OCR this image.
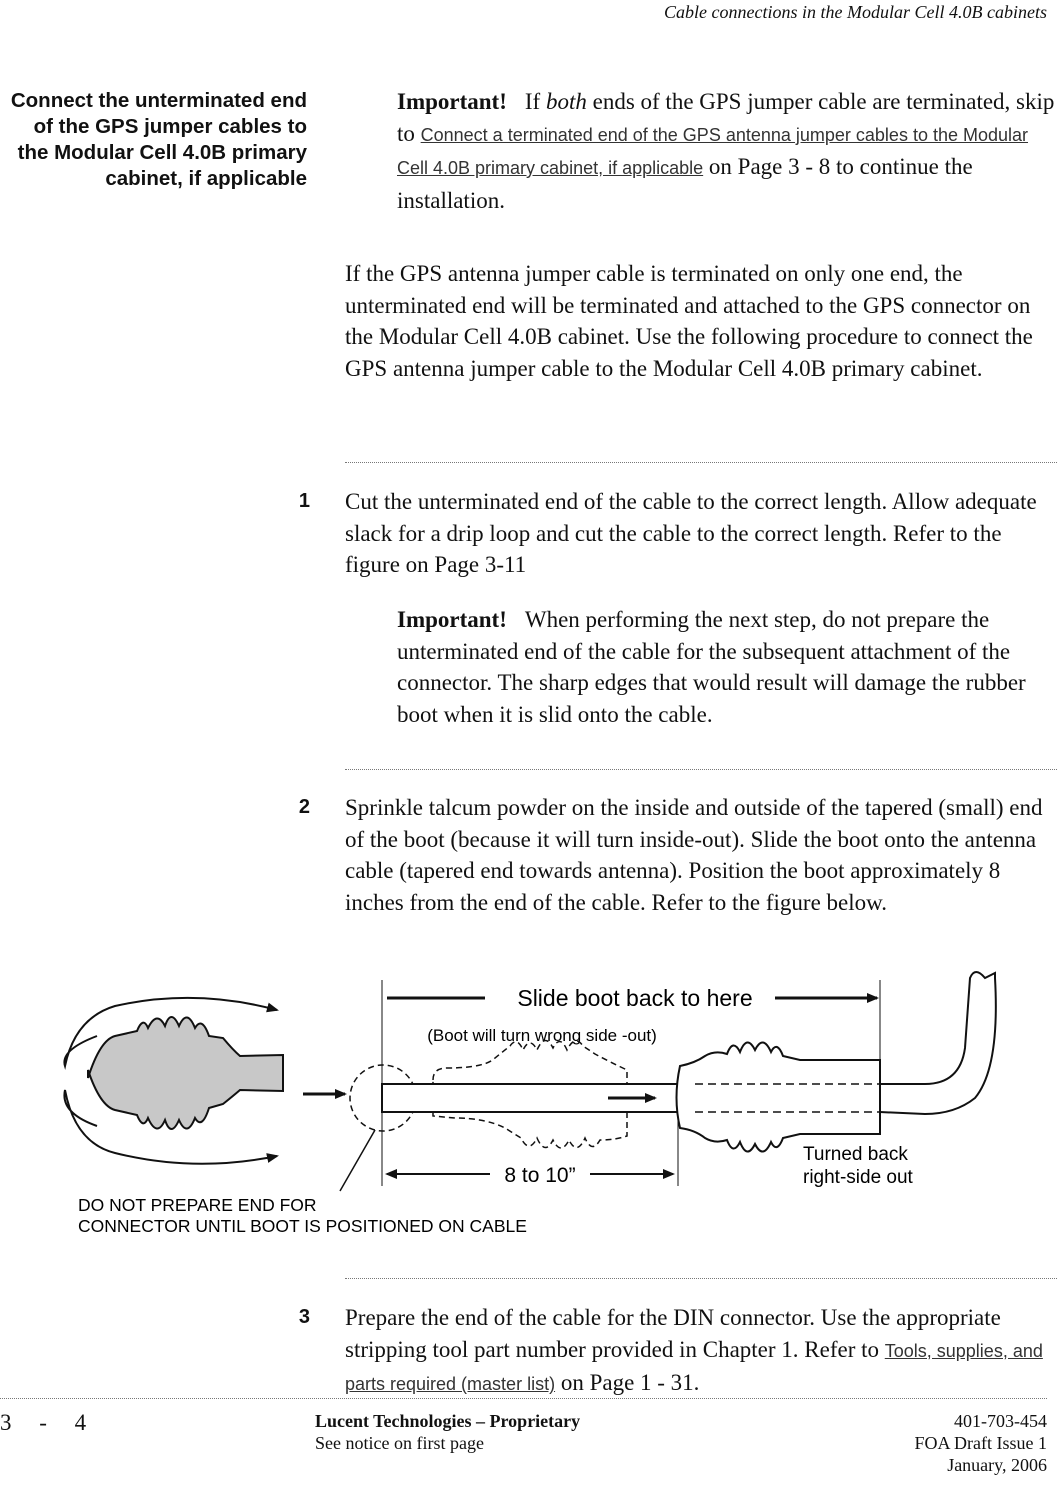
Cable connections in the Modular Cell 4.0B cabinets
Connect the unterminated end of the GPS jumper cables to the Modular Cell 4.0B primary cabinet, if applicable
Important! If both ends of the GPS jumper cable are terminated, skip to Connect a terminated end of the GPS antenna jumper cables to the Modular Cell 4.0B primary cabinet, if applicable on Page 3 - 8 to continue the installation.
If the GPS antenna jumper cable is terminated on only one end, the unterminated end will be terminated and attached to the GPS connector on the Modular Cell 4.0B cabinet. Use the following procedure to connect the GPS antenna jumper cable to the Modular Cell 4.0B primary cabinet.
1 Cut the unterminated end of the cable to the correct length. Allow adequate slack for a drip loop and cut the cable to the correct length. Refer to the figure on Page 3-11
Important! When performing the next step, do not prepare the unterminated end of the cable for the subsequent attachment of the connector. The sharp edges that would result will damage the rubber boot when it is slid onto the cable.
2 Sprinkle talcum powder on the inside and outside of the tapered (small) end of the boot (because it will turn inside-out). Slide the boot onto the antenna cable (tapered end towards antenna). Position the boot approximately 8 inches from the end of the cable. Refer to the figure below.
Slide boot back to here
(Boot will turn wrong side -out)
8 to 10”
Turned back
right-side out
DO NOT PREPARE END FOR
CONNECTOR UNTIL BOOT IS POSITIONED ON CABLE
3 Prepare the end of the cable for the DIN connector. Use the appropriate stripping tool part number provided in Chapter 1. Refer to Tools, supplies, and parts required (master list) on Page 1 - 31.
3 - 4	Lucent Technologies – Proprietary
See notice on first page
401-703-454
FOA Draft Issue 1
January, 2006
